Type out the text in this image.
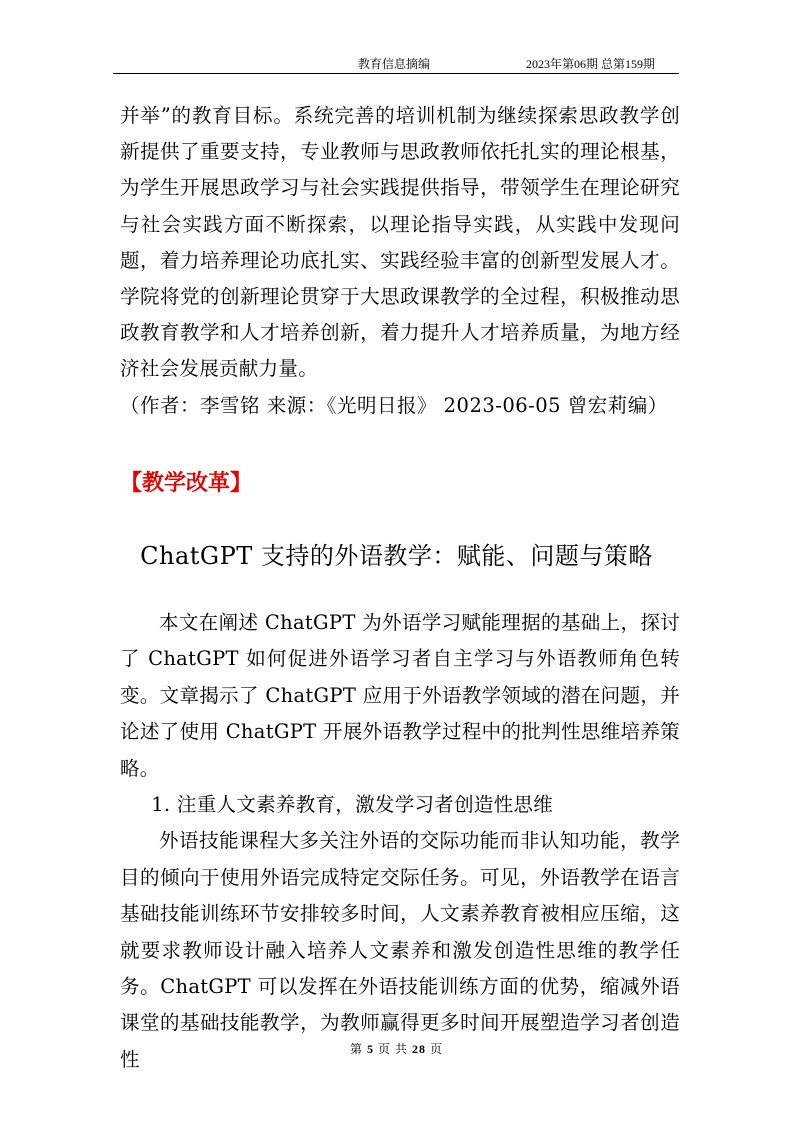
教育信息摘编	2023年第06期 总第159期

并举”的教育目标。系统完善的培训机制为继续探索思政教学创新提供了重要支持，专业教师与思政教师依托扎实的理论根基，为学生开展思政学习与社会实践提供指导，带领学生在理论研究与社会实践方面不断探索，以理论指导实践，从实践中发现问题，着力培养理论功底扎实、实践经验丰富的创新型发展人才。学院将党的创新理论贯穿于大思政课教学的全过程，积极推动思政教育教学和人才培养创新，着力提升人才培养质量，为地方经济社会发展贡献力量。

（作者：李雪铭 来源：《光明日报》 2023-06-05 曾宏莉编）

【教学改革】
ChatGPT 支持的外语教学：赋能、问题与策略

本文在阐述 ChatGPT 为外语学习赋能理据的基础上，探讨了 ChatGPT 如何促进外语学习者自主学习与外语教师角色转变。文章揭示了 ChatGPT 应用于外语教学领域的潜在问题，并论述了使用 ChatGPT 开展外语教学过程中的批判性思维培养策略。

1. 注重人文素养教育，激发学习者创造性思维

外语技能课程大多关注外语的交际功能而非认知功能，教学目的倾向于使用外语完成特定交际任务。可见，外语教学在语言基础技能训练环节安排较多时间，人文素养教育被相应压缩，这就要求教师设计融入培养人文素养和激发创造性思维的教学任务。ChatGPT 可以发挥在外语技能训练方面的优势，缩减外语课堂的基础技能教学，为教师赢得更多时间开展塑造学习者创造性	第 5 页 共 28 页
